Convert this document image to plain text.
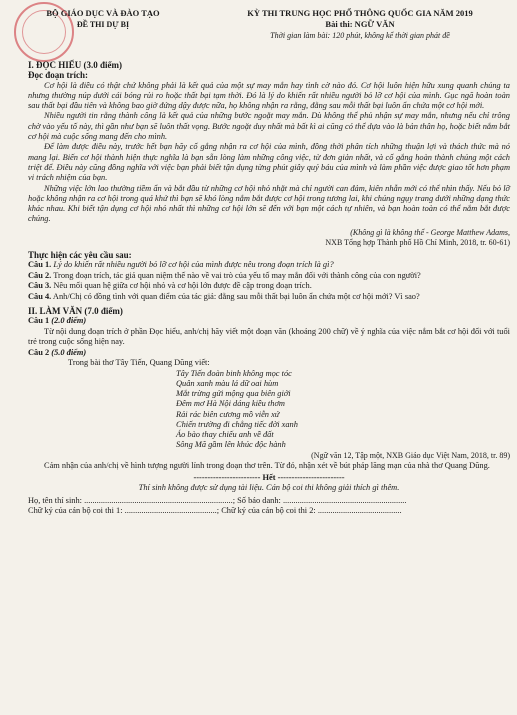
BỘ GIÁO DỤC VÀ ĐÀO TẠO
ĐỀ THI DỰ BỊ
KỲ THI TRUNG HỌC PHỔ THÔNG QUỐC GIA NĂM 2019
Bài thi: NGỮ VĂN
Thời gian làm bài: 120 phút, không kể thời gian phát đề

I. ĐỌC HIỂU (3.0 điểm)

Đọc đoạn trích:

Cơ hội là điều có thật chứ không phải là kết quả của một sự may mắn hay tình cờ nào đó. Cơ hội luôn hiện hữu xung quanh chúng ta nhưng thường núp dưới cái bóng rủi ro hoặc thất bại tạm thời. Đó là lý do khiến rất nhiều người bỏ lỡ cơ hội của mình. Gục ngã hoàn toàn sau thất bại đầu tiên và không bao giờ đứng dậy được nữa, họ không nhận ra rằng, đằng sau mỗi thất bại luôn ẩn chứa một cơ hội mới.

Nhiều người tin rằng thành công là kết quả của những bước ngoặt may mắn. Dù không thể phủ nhận sự may mắn, nhưng nếu chỉ trông chờ vào yếu tố này, thì gần như bạn sẽ luôn thất vọng. Bước ngoặt duy nhất mà bất kì ai cũng có thể dựa vào là bản thân họ, hoặc biết nắm bắt cơ hội mà cuộc sống mang đến cho mình.

Để làm được điều này, trước hết bạn hãy cố gắng nhận ra cơ hội của mình, đồng thời phân tích những thuận lợi và thách thức mà nó mang lại. Biến cơ hội thành hiện thực nghĩa là bạn sẵn lòng làm những công việc, từ đơn giản nhất, và cố gắng hoàn thành chúng một cách triệt để. Điều này cũng đồng nghĩa với việc bạn phải biết tận dụng từng phút giây quý báu của mình và làm phần việc được giao tốt hơn phạm vi trách nhiệm của bạn.

Những việc lớn lao thường tiềm ẩn và bắt đầu từ những cơ hội nhỏ nhặt mà chỉ người can đảm, kiên nhẫn mới có thể nhìn thấy. Nếu bỏ lỡ hoặc không nhận ra cơ hội trong quá khứ thì bạn sẽ khó lòng nắm bắt được cơ hội trong tương lai, khi chúng ngụy trang dưới những dạng thức khác nhau. Khi biết tận dụng cơ hội nhỏ nhất thì những cơ hội lớn sẽ đến với bạn một cách tự nhiên, và bạn hoàn toàn có thể nắm bắt được chúng.

(Không gì là không thể - George Matthew Adams,
NXB Tổng hợp Thành phố Hồ Chí Minh, 2018, tr. 60-61)

Thực hiện các yêu cầu sau:

Câu 1. Lý do khiến rất nhiều người bỏ lỡ cơ hội của mình được nêu trong đoạn trích là gì?

Câu 2. Trong đoạn trích, tác giả quan niệm thế nào về vai trò của yếu tố may mắn đối với thành công của con người?

Câu 3. Nêu mối quan hệ giữa cơ hội nhỏ và cơ hội lớn được đề cập trong đoạn trích.

Câu 4. Anh/Chị có đồng tình với quan điểm của tác giả: đằng sau mỗi thất bại luôn ẩn chứa một cơ hội mới? Vì sao?

II. LÀM VĂN (7.0 điểm)

Câu 1 (2.0 điểm)

Từ nội dung đoạn trích ở phần Đọc hiểu, anh/chị hãy viết một đoạn văn (khoảng 200 chữ) về ý nghĩa của việc nắm bắt cơ hội đối với tuổi trẻ trong cuộc sống hiện nay.

Câu 2 (5.0 điểm)

Trong bài thơ Tây Tiến, Quang Dũng viết:

Tây Tiến đoàn binh không mọc tóc
Quân xanh màu lá dữ oai hùm
Mắt trừng gửi mộng qua biên giới
Đêm mơ Hà Nội dáng kiều thơm
Rải rác biên cương mồ viễn xứ
Chiến trường đi chẳng tiếc đời xanh
Áo bào thay chiếu anh về đất
Sông Mã gầm lên khúc độc hành
(Ngữ văn 12, Tập một, NXB Giáo dục Việt Nam, 2018, tr. 89)

Cảm nhận của anh/chị về hình tượng người lính trong đoạn thơ trên. Từ đó, nhận xét về bút pháp lãng mạn của nhà thơ Quang Dũng.

------------------------ Hết ------------------------
Thí sinh không được sử dụng tài liệu. Cán bộ coi thi không giải thích gì thêm.
Họ, tên thí sinh: .......................................................................; Số báo danh: ...........................................................
Chữ ký của cán bộ coi thi 1: ............................................; Chữ ký của cán bộ coi thi 2: ........................................
